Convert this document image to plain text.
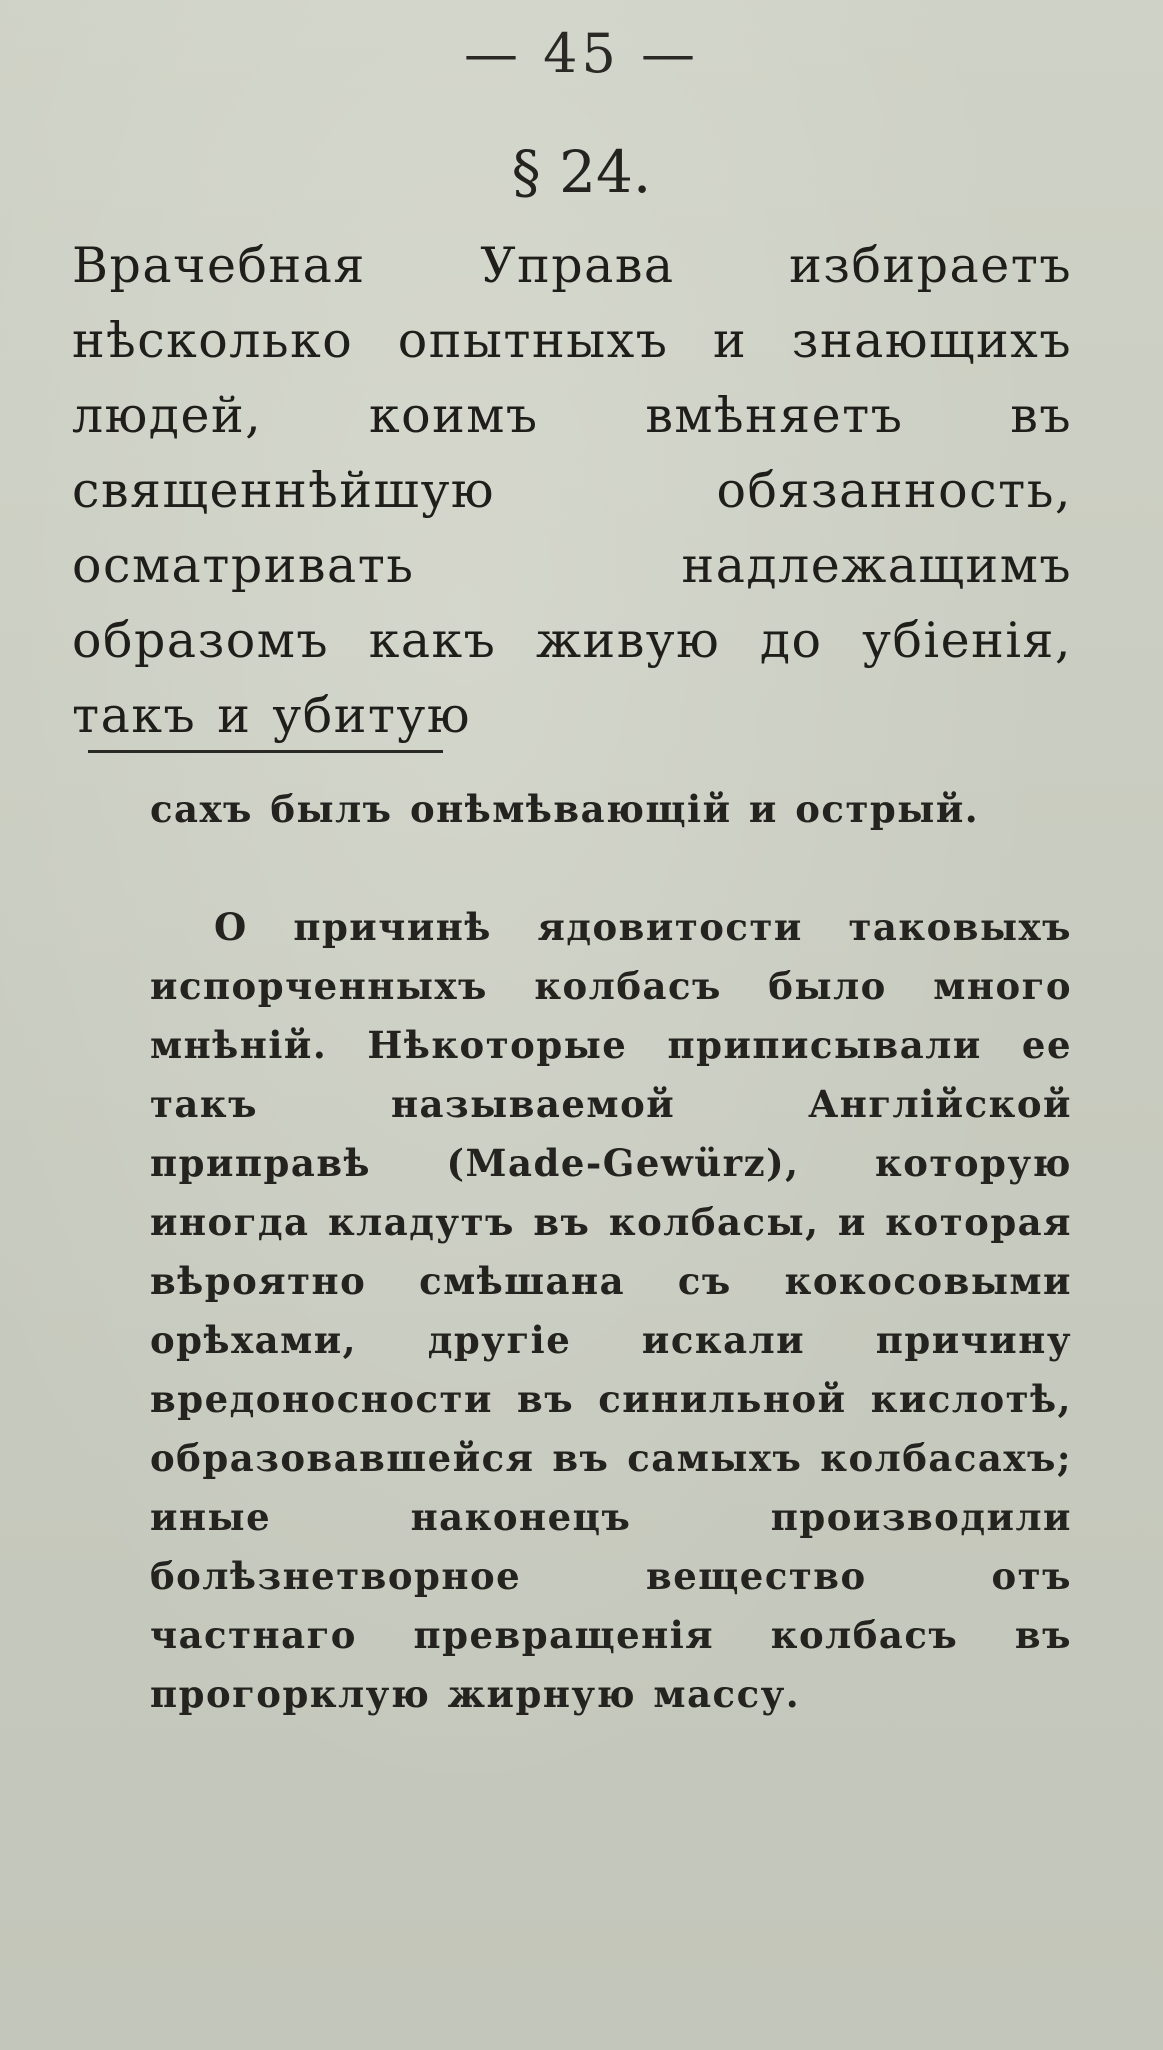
— 45 —
§ 24.

Врачебная Управа избираетъ нѣсколько опытныхъ и знающихъ людей, коимъ вмѣняетъ въ священнѣйшую обязанность, осматривать надлежащимъ образомъ какъ живую до убіенія, такъ и убитую

сахъ былъ онѣмѣвающій и острый.

О причинѣ ядовитости таковыхъ испорченныхъ колбасъ было много мнѣній. Нѣкоторые приписывали ее такъ называемой Англійской приправѣ (Made-Gewürz), которую иногда кладутъ въ колбасы, и которая вѣроятно смѣшана съ кокосовыми орѣхами, другіе искали причину вредоносности въ синильной кислотѣ, образовавшейся въ самыхъ колбасахъ; иные наконецъ производили болѣзнетворное вещество отъ частнаго превращенія колбасъ въ прогорклую жирную массу.
